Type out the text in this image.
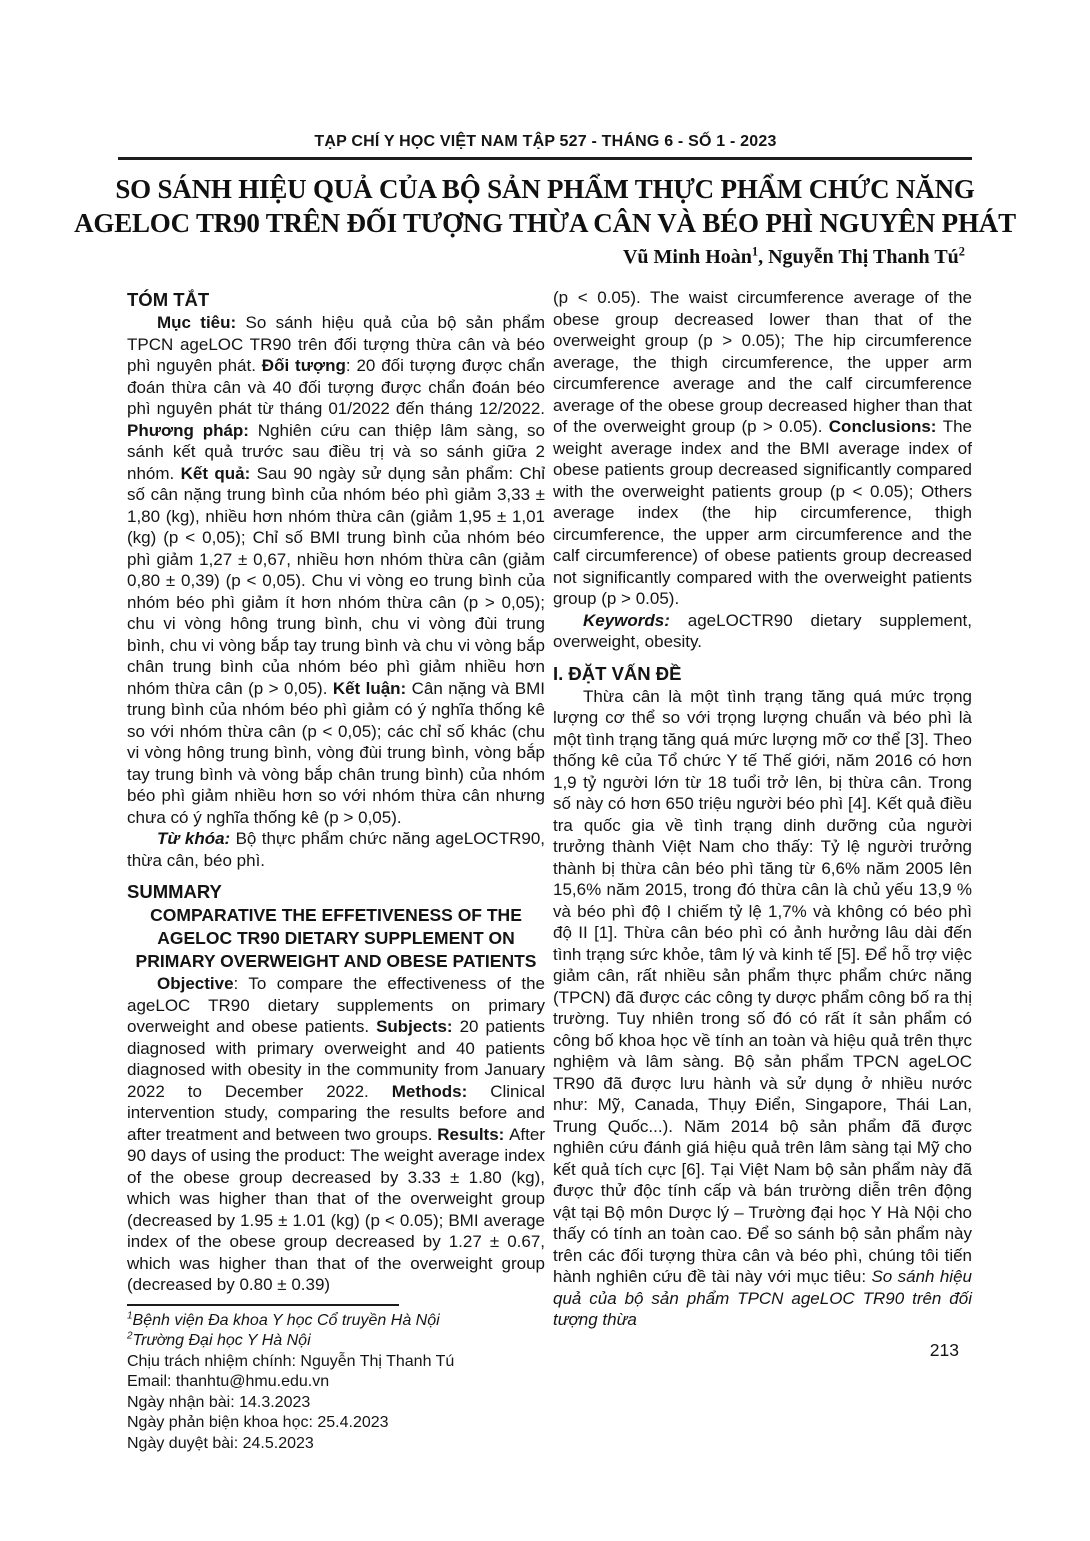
TẠP CHÍ Y HỌC VIỆT NAM TẬP 527 - THÁNG 6 - SỐ 1 - 2023
SO SÁNH HIỆU QUẢ CỦA BỘ SẢN PHẨM THỰC PHẨM CHỨC NĂNG
AGELOC TR90 TRÊN ĐỐI TƯỢNG THỪA CÂN VÀ BÉO PHÌ NGUYÊN PHÁT
Vũ Minh Hoàn$^1$, Nguyễn Thị Thanh $Tú^2$
TÓM TẮT

Mục tiêu: So sánh hiệu quả của bộ sản phẩm TPCN ageLOC TR90 trên đối tượng thừa cân và béo phì nguyên phát. Đối tượng: 20 đối tượng được chẩn đoán thừa cân và 40 đối tượng được chẩn đoán béo phì nguyên phát từ tháng 01/2022 đến tháng 12/2022. Phương pháp: Nghiên cứu can thiệp lâm sàng, so sánh kết quả trước sau điều trị và so sánh giữa 2 nhóm. Kết quả: Sau 90 ngày sử dụng sản phẩm: Chỉ số cân nặng trung bình của nhóm béo phì giảm 3,33 ± 1,80 (kg), nhiều hơn nhóm thừa cân (giảm 1,95 ± 1,01 (kg) (p < 0,05); Chỉ số BMI trung bình của nhóm béo phì giảm 1,27 ± 0,67, nhiều hơn nhóm thừa cân (giảm 0,80 ± 0,39) (p < 0,05). Chu vi vòng eo trung bình của nhóm béo phì giảm ít hơn nhóm thừa cân (p > 0,05); chu vi vòng hông trung bình, chu vi vòng đùi trung bình, chu vi vòng bắp tay trung bình và chu vi vòng bắp chân trung bình của nhóm béo phì giảm nhiều hơn nhóm thừa cân (p > 0,05). Kết luận: Cân nặng và BMI trung bình của nhóm béo phì giảm có ý nghĩa thống kê so với nhóm thừa cân (p < 0,05); các chỉ số khác (chu vi vòng hông trung bình, vòng đùi trung bình, vòng bắp tay trung bình và vòng bắp chân trung bình) của nhóm béo phì giảm nhiều hơn so với nhóm thừa cân nhưng chưa có ý nghĩa thống kê (p > 0,05).

Từ khóa: Bộ thực phẩm chức năng ageLOCTR90, thừa cân, béo phì.

SUMMARY

COMPARATIVE THE EFFETIVENESS OF THE AGELOC TR90 DIETARY SUPPLEMENT ON PRIMARY OVERWEIGHT AND OBESE PATIENTS

Objective: To compare the effectiveness of the ageLOC TR90 dietary supplements on primary overweight and obese patients. Subjects: 20 patients diagnosed with primary overweight and 40 patients diagnosed with obesity in the community from January 2022 to December 2022. Methods: Clinical intervention study, comparing the results before and after treatment and between two groups. Results: After 90 days of using the product: The weight average index of the obese group decreased by 3.33 ± 1.80 (kg), which was higher than that of the overweight group (decreased by 1.95 ± 1.01 (kg) (p < 0.05); BMI average index of the obese group decreased by 1.27 ± 0.67, which was higher than that of the overweight group (decreased by 0.80 ± 0.39)

$^1$Bệnh viện Đa khoa Y học Cổ truyền Hà Nội

$^2$Trường Đại học Y Hà Nội

Chịu trách nhiệm chính: Nguyễn Thị Thanh Tú

Email: thanhtu@hmu.edu.vn

Ngày nhận bài: 14.3.2023

Ngày phản biện khoa học: 25.4.2023

Ngày duyệt bài: 24.5.2023

(p < 0.05). The waist circumference average of the obese group decreased lower than that of the overweight group (p > 0.05); The hip circumference average, the thigh circumference, the upper arm circumference average and the calf circumference average of the obese group decreased higher than that of the overweight group (p > 0.05). Conclusions: The weight average index and the BMI average index of obese patients group decreased significantly compared with the overweight patients group (p < 0.05); Others average index (the hip circumference, thigh circumference, the upper arm circumference and the calf circumference) of obese patients group decreased not significantly compared with the overweight patients group (p > 0.05).

Keywords: ageLOCTR90 dietary supplement, overweight, obesity.

I. ĐẶT VẤN ĐỀ

Thừa cân là một tình trạng tăng quá mức trọng lượng cơ thể so với trọng lượng chuẩn và béo phì là một tình trạng tăng quá mức lượng mỡ cơ thể [3]. Theo thống kê của Tổ chức Y tế Thế giới, năm 2016 có hơn 1,9 tỷ người lớn từ 18 tuổi trở lên, bị thừa cân. Trong số này có hơn 650 triệu người béo phì [4]. Kết quả điều tra quốc gia về tình trạng dinh dưỡng của người trưởng thành Việt Nam cho thấy: Tỷ lệ người trưởng thành bị thừa cân béo phì tăng từ 6,6% năm 2005 lên 15,6% năm 2015, trong đó thừa cân là chủ yếu 13,9 % và béo phì độ I chiếm tỷ lệ 1,7% và không có béo phì độ II [1]. Thừa cân béo phì có ảnh hưởng lâu dài đến tình trạng sức khỏe, tâm lý và kinh tế [5]. Để hỗ trợ việc giảm cân, rất nhiều sản phẩm thực phẩm chức năng (TPCN) đã được các công ty dược phẩm công bố ra thị trường. Tuy nhiên trong số đó có rất ít sản phẩm có công bố khoa học về tính an toàn và hiệu quả trên thực nghiệm và lâm sàng. Bộ sản phẩm TPCN ageLOC TR90 đã được lưu hành và sử dụng ở nhiều nước như: Mỹ, Canada, Thụy Điển, Singapore, Thái Lan, Trung Quốc...). Năm 2014 bộ sản phẩm đã được nghiên cứu đánh giá hiệu quả trên lâm sàng tại Mỹ cho kết quả tích cực [6]. Tại Việt Nam bộ sản phẩm này đã được thử độc tính cấp và bán trường diễn trên động vật tại Bộ môn Dược lý – Trường đại học Y Hà Nội cho thấy có tính an toàn cao. Để so sánh bộ sản phẩm này trên các đối tượng thừa cân và béo phì, chúng tôi tiến hành nghiên cứu đề tài này với mục tiêu: So sánh hiệu quả của bộ sản phẩm TPCN ageLOC TR90 trên đối tượng thừa

213
